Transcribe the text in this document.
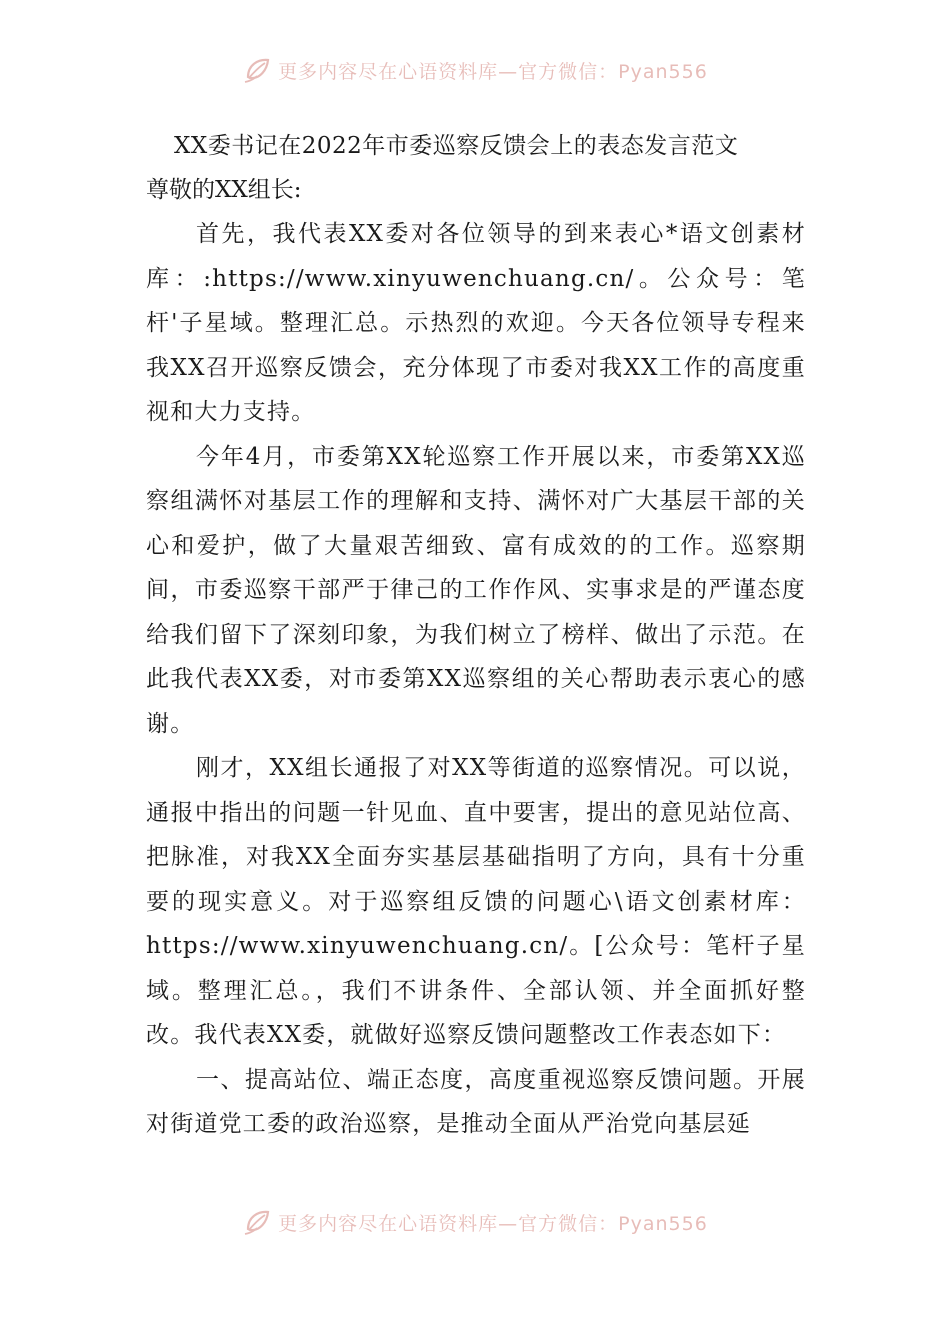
更多内容尽在心语资料库—官方微信：Pyan556
XX委书记在2022年市委巡察反馈会上的表态发言范文

尊敬的XX组长:

首先，我代表XX委对各位领导的到来表心*语文创素材库：:https://www.xinyuwenchuang.cn/。公众号：笔杆'子星域。整理汇总。示热烈的欢迎。今天各位领导专程来我XX召开巡察反馈会，充分体现了市委对我XX工作的高度重视和大力支持。

今年4月，市委第XX轮巡察工作开展以来，市委第XX巡察组满怀对基层工作的理解和支持、满怀对广大基层干部的关心和爱护，做了大量艰苦细致、富有成效的的工作。巡察期间，市委巡察干部严于律己的工作作风、实事求是的严谨态度给我们留下了深刻印象，为我们树立了榜样、做出了示范。在此我代表XX委，对市委第XX巡察组的关心帮助表示衷心的感谢。

刚才，XX组长通报了对XX等街道的巡察情况。可以说，通报中指出的问题一针见血、直中要害，提出的意见站位高、把脉准，对我XX全面夯实基层基础指明了方向，具有十分重要的现实意义。对于巡察组反馈的问题心\语文创素材库：https://www.xinyuwenchuang.cn/。[公众号：笔杆子星域。整理汇总。，我们不讲条件、全部认领、并全面抓好整改。我代表XX委，就做好巡察反馈问题整改工作表态如下：

一、提高站位、端正态度，高度重视巡察反馈问题。开展对街道党工委的政治巡察，是推动全面从严治党向基层延

更多内容尽在心语资料库—官方微信：Pyan556
